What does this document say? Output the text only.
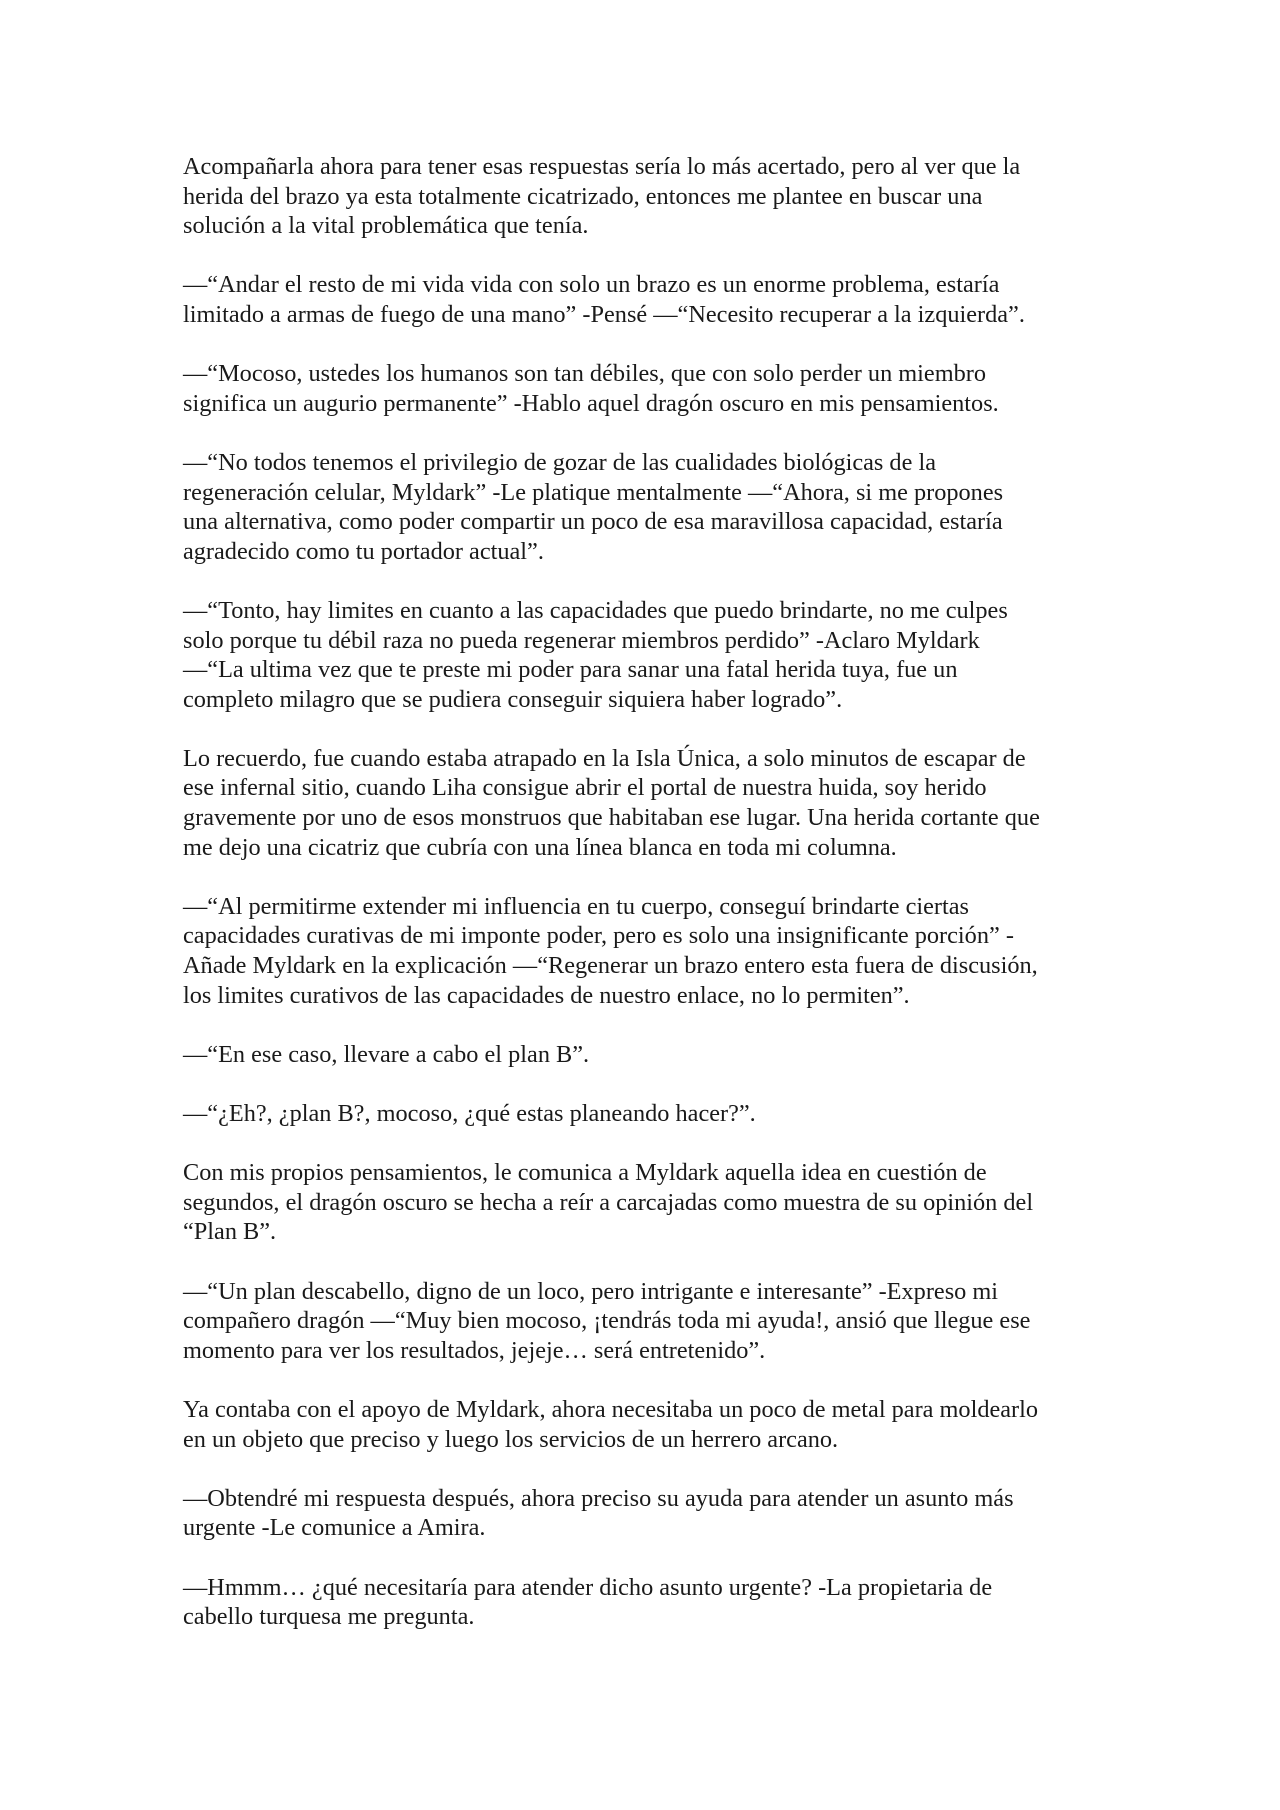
Acompañarla ahora para tener esas respuestas sería lo más acertado, pero al ver que la
herida del brazo ya esta totalmente cicatrizado, entonces me plantee en buscar una
solución a la vital problemática que tenía.

—“Andar el resto de mi vida vida con solo un brazo es un enorme problema, estaría
limitado a armas de fuego de una mano” -Pensé —“Necesito recuperar a la izquierda”.

—“Mocoso, ustedes los humanos son tan débiles, que con solo perder un miembro
significa un augurio permanente” -Hablo aquel dragón oscuro en mis pensamientos.

—“No todos tenemos el privilegio de gozar de las cualidades biológicas de la
regeneración celular, Myldark” -Le platique mentalmente —“Ahora, si me propones
una alternativa, como poder compartir un poco de esa maravillosa capacidad, estaría
agradecido como tu portador actual”.

—“Tonto, hay limites en cuanto a las capacidades que puedo brindarte, no me culpes
solo porque tu débil raza no pueda regenerar miembros perdido” -Aclaro Myldark
—“La ultima vez que te preste mi poder para sanar una fatal herida tuya, fue un
completo milagro que se pudiera conseguir siquiera haber logrado”.

Lo recuerdo, fue cuando estaba atrapado en la Isla Única, a solo minutos de escapar de
ese infernal sitio, cuando Liha consigue abrir el portal de nuestra huida, soy herido
gravemente por uno de esos monstruos que habitaban ese lugar. Una herida cortante que
me dejo una cicatriz que cubría con una línea blanca en toda mi columna.

—“Al permitirme extender mi influencia en tu cuerpo, conseguí brindarte ciertas
capacidades curativas de mi imponte poder, pero es solo una insignificante porción” -
Añade Myldark en la explicación —“Regenerar un brazo entero esta fuera de discusión,
los limites curativos de las capacidades de nuestro enlace, no lo permiten”.

—“En ese caso, llevare a cabo el plan B”.

—“¿Eh?, ¿plan B?, mocoso, ¿qué estas planeando hacer?”.

Con mis propios pensamientos, le comunica a Myldark aquella idea en cuestión de
segundos, el dragón oscuro se hecha a reír a carcajadas como muestra de su opinión del
“Plan B”.

—“Un plan descabello, digno de un loco, pero intrigante e interesante” -Expreso mi
compañero dragón —“Muy bien mocoso, ¡tendrás toda mi ayuda!, ansió que llegue ese
momento para ver los resultados, jejeje… será entretenido”.

Ya contaba con el apoyo de Myldark, ahora necesitaba un poco de metal para moldearlo
en un objeto que preciso y luego los servicios de un herrero arcano.

—Obtendré mi respuesta después, ahora preciso su ayuda para atender un asunto más
urgente -Le comunice a Amira.

—Hmmm… ¿qué necesitaría para atender dicho asunto urgente? -La propietaria de
cabello turquesa me pregunta.
